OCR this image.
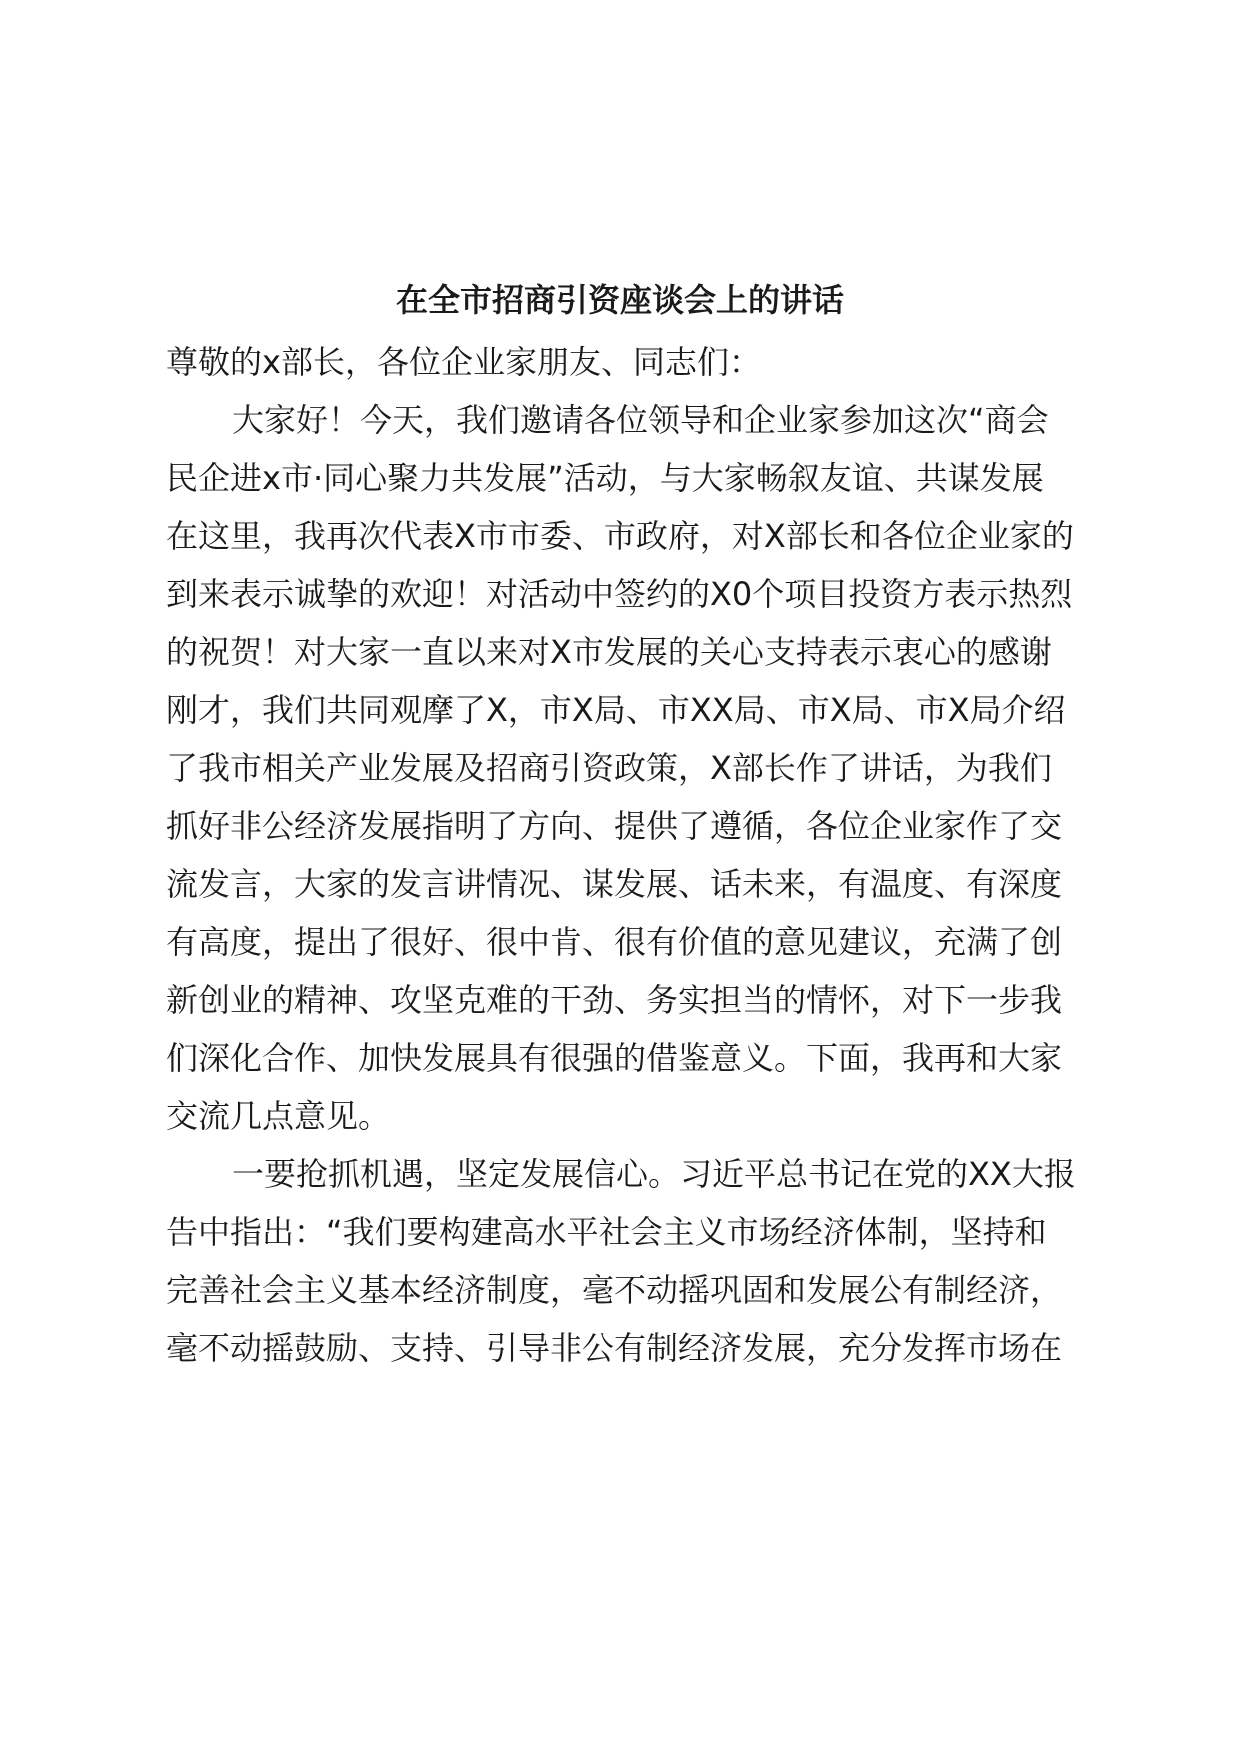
在全市招商引资座谈会上的讲话
尊敬的x部长，各位企业家朋友、同志们：
大家好！今天，我们邀请各位领导和企业家参加这次“商会
民企进x市·同心聚力共发展”活动，与大家畅叙友谊、共谋发展
在这里，我再次代表X市市委、市政府，对X部长和各位企业家的
到来表示诚挚的欢迎！对活动中签约的X0个项目投资方表示热烈
的祝贺！对大家一直以来对X市发展的关心支持表示衷心的感谢
刚才，我们共同观摩了X，市X局、市XX局、市X局、市X局介绍
了我市相关产业发展及招商引资政策，X部长作了讲话，为我们
抓好非公经济发展指明了方向、提供了遵循，各位企业家作了交
流发言，大家的发言讲情况、谋发展、话未来，有温度、有深度
有高度，提出了很好、很中肯、很有价值的意见建议，充满了创
新创业的精神、攻坚克难的干劲、务实担当的情怀，对下一步我
们深化合作、加快发展具有很强的借鉴意义。下面，我再和大家
交流几点意见。
一要抢抓机遇，坚定发展信心。习近平总书记在党的XX大报
告中指出：“我们要构建高水平社会主义市场经济体制，坚持和
完善社会主义基本经济制度，毫不动摇巩固和发展公有制经济，
毫不动摇鼓励、支持、引导非公有制经济发展，充分发挥市场在
